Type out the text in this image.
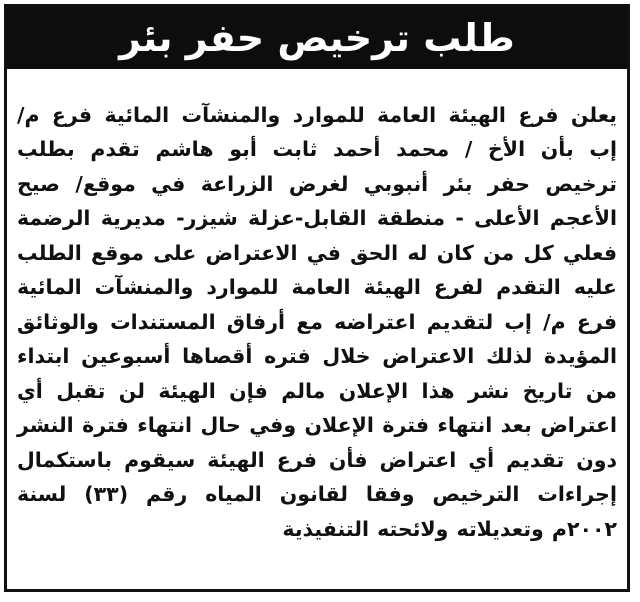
طلب ترخيص حفر بئر

يعلن فرع الهيئة العامة للموارد والمنشآت المائية فرع م/ إب بأن الأخ / محمد أحمد ثابت أبو هاشم تقدم بطلب ترخيص حفر بئر أنبوبي لغرض الزراعة في موقع/ صيح الأعجم الأعلى - منطقة القابل-عزلة شيزر- مديرية الرضمة فعلي كل من كان له الحق في الاعتراض على موقع الطلب عليه التقدم لفرع الهيئة العامة للموارد والمنشآت المائية فرع م/ إب لتقديم اعتراضه مع أرفاق المستندات والوثائق المؤيدة لذلك الاعتراض خلال فتره أقصاها أسبوعين ابتداء من تاريخ نشر هذا الإعلان مالم فإن الهيئة لن تقبل أي اعتراض بعد انتهاء فترة الإعلان وفي حال انتهاء فترة النشر دون تقديم أي اعتراض فأن فرع الهيئة سيقوم باستكمال إجراءات الترخيص وفقا لقانون المياه رقم (٣٣) لسنة ٢٠٠٢م وتعديلاته ولائحته التنفيذية
